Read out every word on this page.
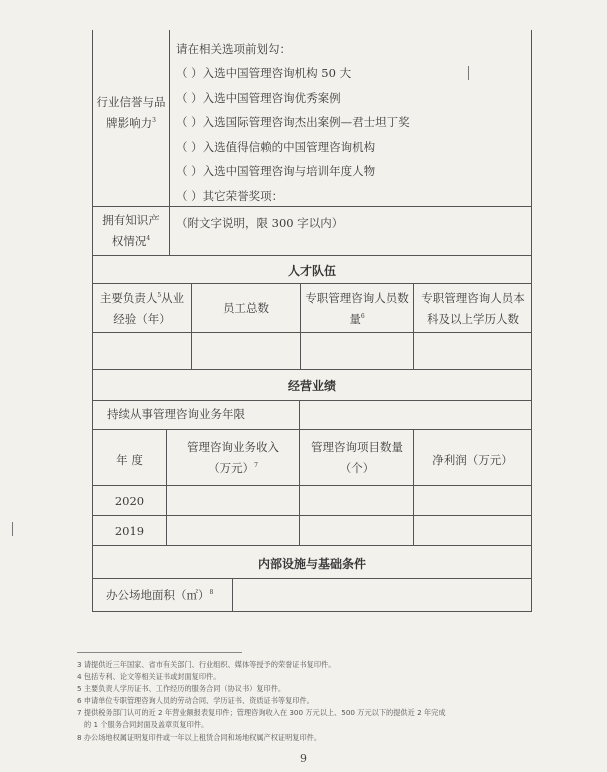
行业信誉与品牌影响力$^3$
请在相关选项前划勾：
（ ）入选中国管理咨询机构 50 大
（ ）入选中国管理咨询优秀案例
（ ）入选国际管理咨询杰出案例—君士坦丁奖
（ ）入选值得信赖的中国管理咨询机构
（ ）入选中国管理咨询与培训年度人物
（ ）其它荣誉奖项：
拥有知识产权情况$^4$
（附文字说明，限 300 字以内）
人才队伍
主要负责人$^5$从业经验（年）
员工总数
专职管理咨询人员数量$^6$
专职管理咨询人员本科及以上学历人数
经营业绩
持续从事管理咨询业务年限
年 度
管理咨询业务收入（万元）$^7$
管理咨询项目数量（个）
净利润（万元）
2020
2019
内部设施与基础条件
办公场地面积（㎡）$^8$
3 请提供近三年国家、省市有关部门、行业组织、媒体等授予的荣誉证书复印件。
4 包括专利、论文等相关证书或封面复印件。
5 主要负责人学历证书、工作经历的服务合同（协议书）复印件。
6 申请单位专职管理咨询人员的劳动合同、学历证书、资质证书等复印件。
7 提供税务部门认可的近 2 年营业额报表复印件；管理咨询收入在 300 万元以上、500 万元以下的提供近 2 年完成
的 1 个服务合同封面及盖章页复印件。
8 办公场地权属证明复印件或一年以上租赁合同和场地权属产权证明复印件。
9
